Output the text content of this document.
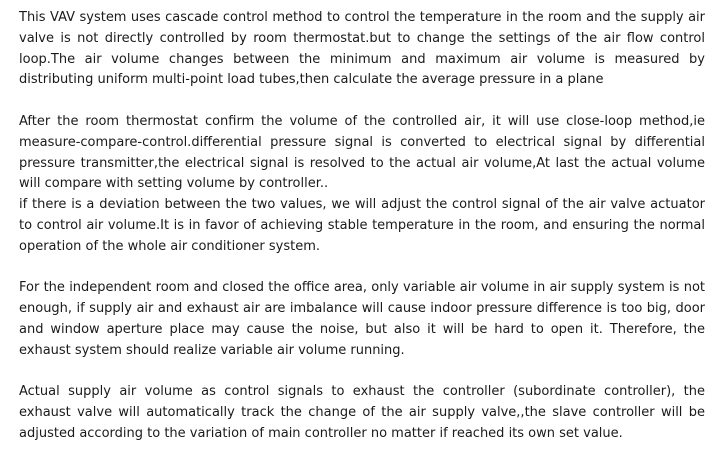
This VAV system uses cascade control method to control the temperature in the room and the supply air valve is not directly controlled by room thermostat.but to change the settings of the air flow control loop.The air volume changes between the minimum and maximum air volume is measured by distributing uniform multi-point load tubes,then calculate the average pressure in a plane

After the room thermostat confirm the volume of the controlled air, it will use close-loop method,ie measure-compare-control.differential pressure signal is converted to electrical signal by differential pressure transmitter,the electrical signal is resolved to the actual air volume,At last the actual volume will compare with setting volume by controller..
if there is a deviation between the two values, we will adjust the control signal of the air valve actuator to control air volume.It is in favor of achieving stable temperature in the room, and ensuring the normal operation of the whole air conditioner system.

For the independent room and closed the office area, only variable air volume in air supply system is not enough, if supply air and exhaust air are imbalance will cause indoor pressure difference is too big, door and window aperture place may cause the noise, but also it will be hard to open it. Therefore, the exhaust system should realize variable air volume running.

Actual supply air volume as control signals to exhaust the controller (subordinate controller), the exhaust valve will automatically track the change of the air supply valve,,the slave controller will be adjusted according to the variation of main controller no matter if reached its own set value.
